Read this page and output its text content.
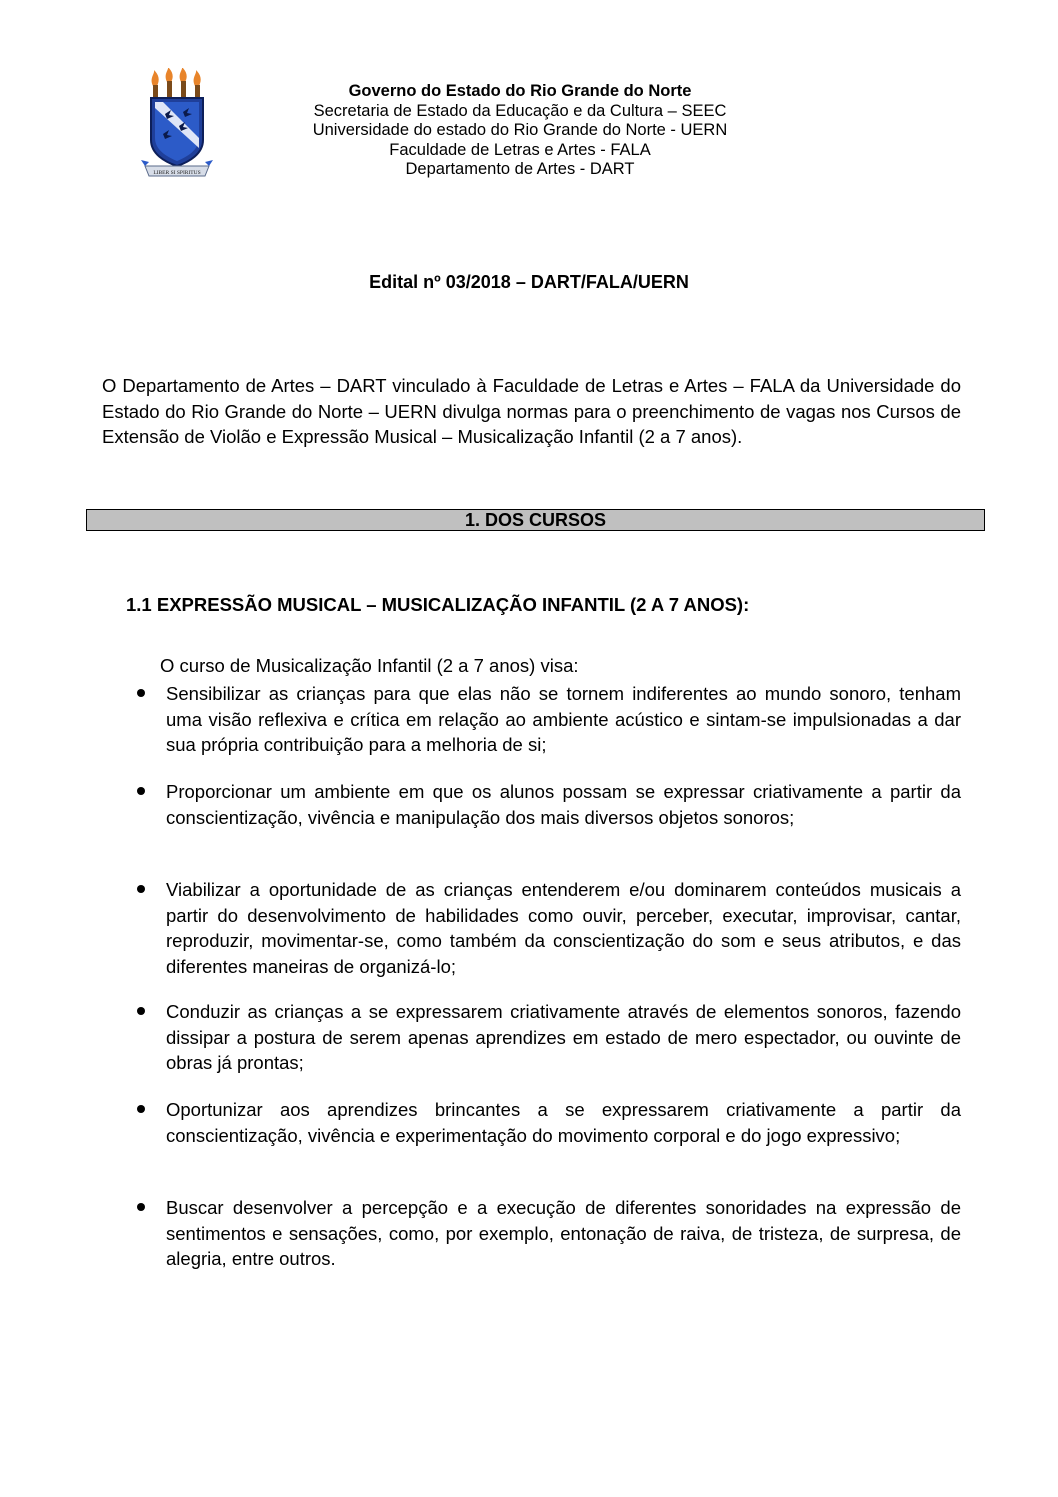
LIBER SI SPIRITUS
Governo do Estado do Rio Grande do Norte
Secretaria de Estado da Educação e da Cultura – SEEC
Universidade do estado do Rio Grande do Norte - UERN
Faculdade de Letras e Artes - FALA
Departamento de Artes - DART
Edital nº 03/2018 – DART/FALA/UERN

O Departamento de Artes – DART vinculado à Faculdade de Letras e Artes – FALA da Universidade do Estado do Rio Grande do Norte – UERN divulga normas para o preenchimento de vagas nos Cursos de Extensão de Violão e Expressão Musical – Musicalização Infantil (2 a 7 anos).

1. DOS CURSOS
1.1 EXPRESSÃO MUSICAL – MUSICALIZAÇÃO INFANTIL (2 A 7 ANOS):
O curso de Musicalização Infantil (2 a 7 anos) visa:

Sensibilizar as crianças para que elas não se tornem indiferentes ao mundo sonoro, tenham uma visão reflexiva e crítica em relação ao ambiente acústico e sintam-se impulsionadas a dar sua própria contribuição para a melhoria de si;

Proporcionar um ambiente em que os alunos possam se expressar criativamente a partir da conscientização, vivência e manipulação dos mais diversos objetos sonoros;

Viabilizar a oportunidade de as crianças entenderem e/ou dominarem conteúdos musicais a partir do desenvolvimento de habilidades como ouvir, perceber, executar, improvisar, cantar, reproduzir, movimentar-se, como também da conscientização do som e seus atributos, e das diferentes maneiras de organizá-lo;

Conduzir as crianças a se expressarem criativamente através de elementos sonoros, fazendo dissipar a postura de serem apenas aprendizes em estado de mero espectador, ou ouvinte de obras já prontas;

Oportunizar aos aprendizes brincantes a se expressarem criativamente a partir da conscientização, vivência e experimentação do movimento corporal e do jogo expressivo;

Buscar desenvolver a percepção e a execução de diferentes sonoridades na expressão de sentimentos e sensações, como, por exemplo, entonação de raiva, de tristeza, de surpresa, de alegria, entre outros.
